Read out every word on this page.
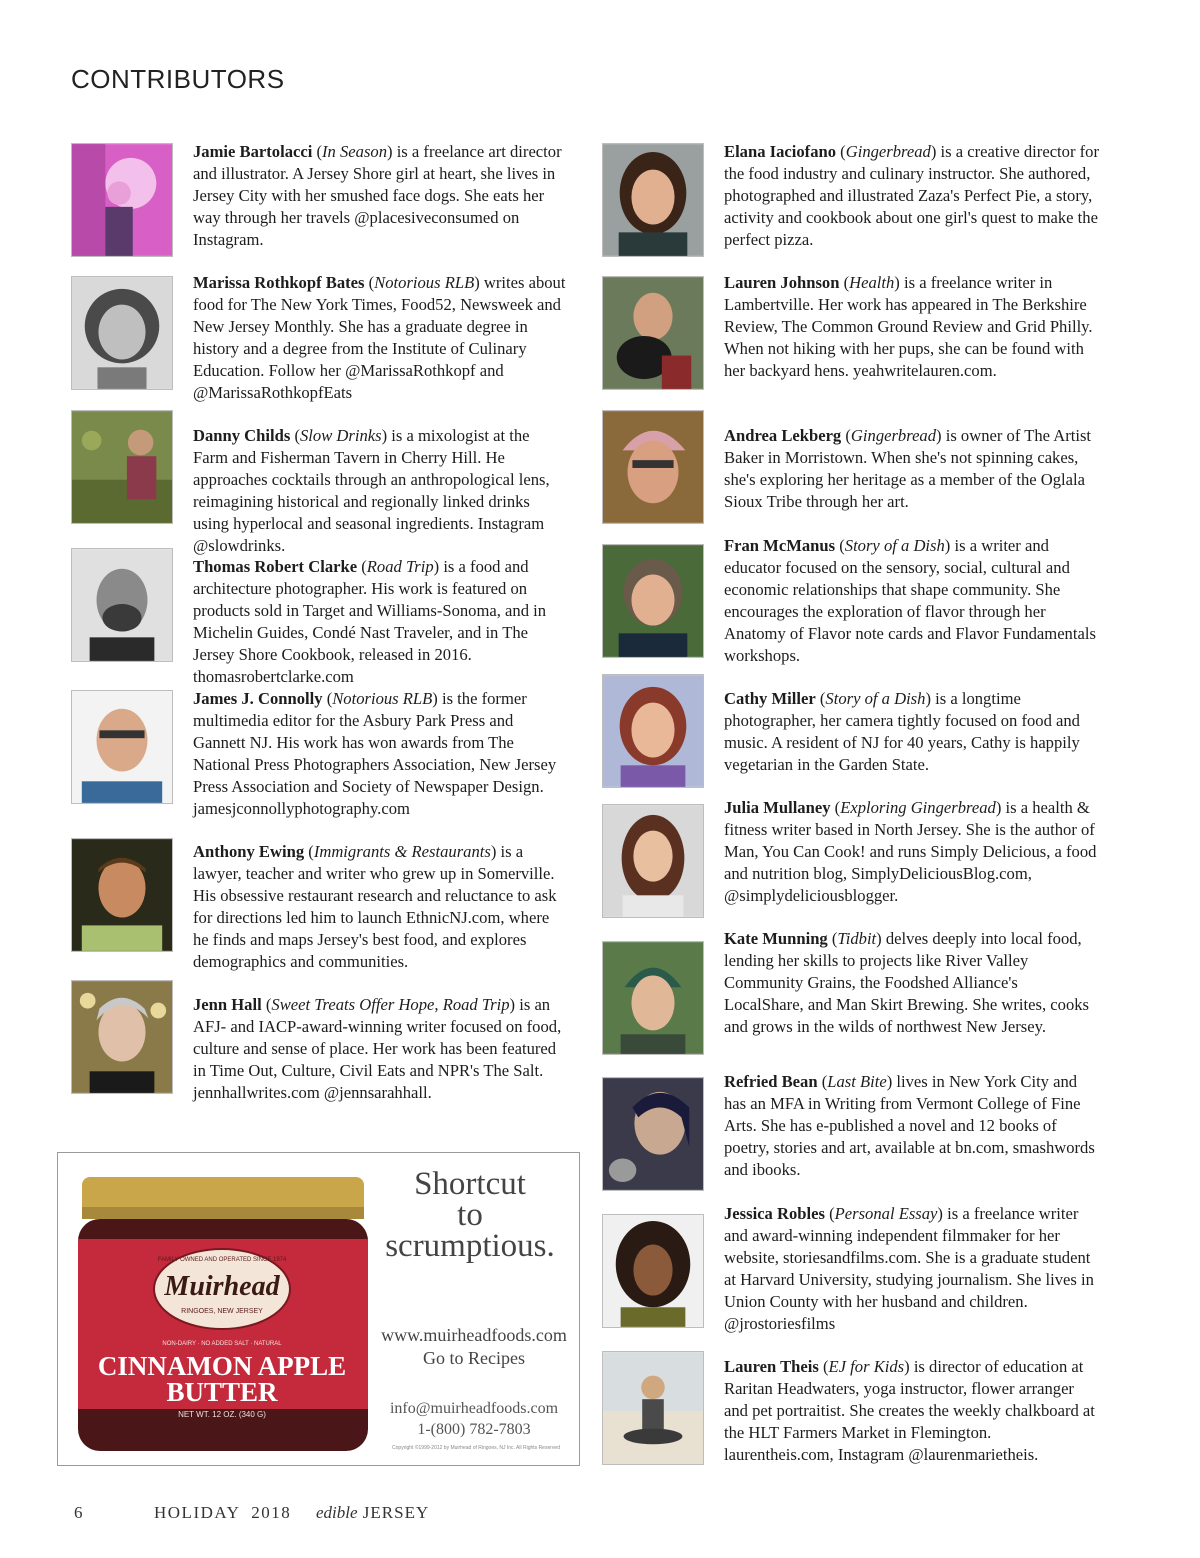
CONTRIBUTORS
Jamie Bartolacci (In Season) is a freelance art director and illustrator. A Jersey Shore girl at heart, she lives in Jersey City with her smushed face dogs. She eats her way through her travels @placesiveconsumed on Instagram.
Marissa Rothkopf Bates (Notorious RLB) writes about food for The New York Times, Food52, Newsweek and New Jersey Monthly. She has a graduate degree in history and a degree from the Institute of Culinary Education. Follow her @MarissaRothkopf and @MarissaRothkopfEats
Danny Childs (Slow Drinks) is a mixologist at the Farm and Fisherman Tavern in Cherry Hill. He approaches cocktails through an anthropological lens, reimagining historical and regionally linked drinks using hyperlocal and seasonal ingredients. Instagram @slowdrinks.
Thomas Robert Clarke (Road Trip) is a food and architecture photographer. His work is featured on products sold in Target and Williams-Sonoma, and in Michelin Guides, Condé Nast Traveler, and in The Jersey Shore Cookbook, released in 2016. thomasrobertclarke.com
James J. Connolly (Notorious RLB) is the former multimedia editor for the Asbury Park Press and Gannett NJ. His work has won awards from The National Press Photographers Association, New Jersey Press Association and Society of Newspaper Design. jamesjconnollyphotography.com
Anthony Ewing (Immigrants & Restaurants) is a lawyer, teacher and writer who grew up in Somerville. His obsessive restaurant research and reluctance to ask for directions led him to launch EthnicNJ.com, where he finds and maps Jersey's best food, and explores demographics and communities.
Jenn Hall (Sweet Treats Offer Hope, Road Trip) is an AFJ- and IACP-award-winning writer focused on food, culture and sense of place. Her work has been featured in Time Out, Culture, Civil Eats and NPR's The Salt. jennhallwrites.com @jennsarahhall.
Elana Iaciofano (Gingerbread) is a creative director for the food industry and culinary instructor. She authored, photographed and illustrated Zaza's Perfect Pie, a story, activity and cookbook about one girl's quest to make the perfect pizza.
Lauren Johnson (Health) is a freelance writer in Lambertville. Her work has appeared in The Berkshire Review, The Common Ground Review and Grid Philly. When not hiking with her pups, she can be found with her backyard hens. yeahwritelauren.com.
Andrea Lekberg (Gingerbread) is owner of The Artist Baker in Morristown. When she's not spinning cakes, she's exploring her heritage as a member of the Oglala Sioux Tribe through her art.
Fran McManus (Story of a Dish) is a writer and educator focused on the sensory, social, cultural and economic relationships that shape community. She encourages the exploration of flavor through her Anatomy of Flavor note cards and Flavor Fundamentals workshops.
Cathy Miller (Story of a Dish) is a longtime photographer, her camera tightly focused on food and music. A resident of NJ for 40 years, Cathy is happily vegetarian in the Garden State.
Julia Mullaney (Exploring Gingerbread) is a health & fitness writer based in North Jersey. She is the author of Man, You Can Cook! and runs Simply Delicious, a food and nutrition blog, SimplyDeliciousBlog.com, @simplydeliciousblogger.
Kate Munning (Tidbit) delves deeply into local food, lending her skills to projects like River Valley Community Grains, the Foodshed Alliance's LocalShare, and Man Skirt Brewing. She writes, cooks and grows in the wilds of northwest New Jersey.
Refried Bean (Last Bite) lives in New York City and has an MFA in Writing from Vermont College of Fine Arts. She has e-published a novel and 12 books of poetry, stories and art, available at bn.com, smashwords and ibooks.
Jessica Robles (Personal Essay) is a freelance writer and award-winning independent filmmaker for her website, storiesandfilms.com. She is a graduate student at Harvard University, studying journalism. She lives in Union County with her husband and children. @jrostoriesfilms
Lauren Theis (EJ for Kids) is director of education at Raritan Headwaters, yoga instructor, flower arranger and pet portraitist. She creates the weekly chalkboard at the HLT Farmers Market in Flemington. laurentheis.com, Instagram @laurenmarietheis.
FAMILY OWNED AND OPERATED SINCE 1974
Muirhead
RINGOES, NEW JERSEY
NON-DAIRY · NO ADDED SALT · NATURAL
CINNAMON APPLE
BUTTER
NET WT. 12 OZ. (340 G)
Shortcut
to
scrumptious.
www.muirheadfoods.com
Go to Recipes
info@muirheadfoods.com
1-(800) 782-7803
Copyright ©1999-2012 by Muirhead of Ringoes, NJ Inc. All Rights Reserved
6	HOLIDAY  2018 edible JERSEY
